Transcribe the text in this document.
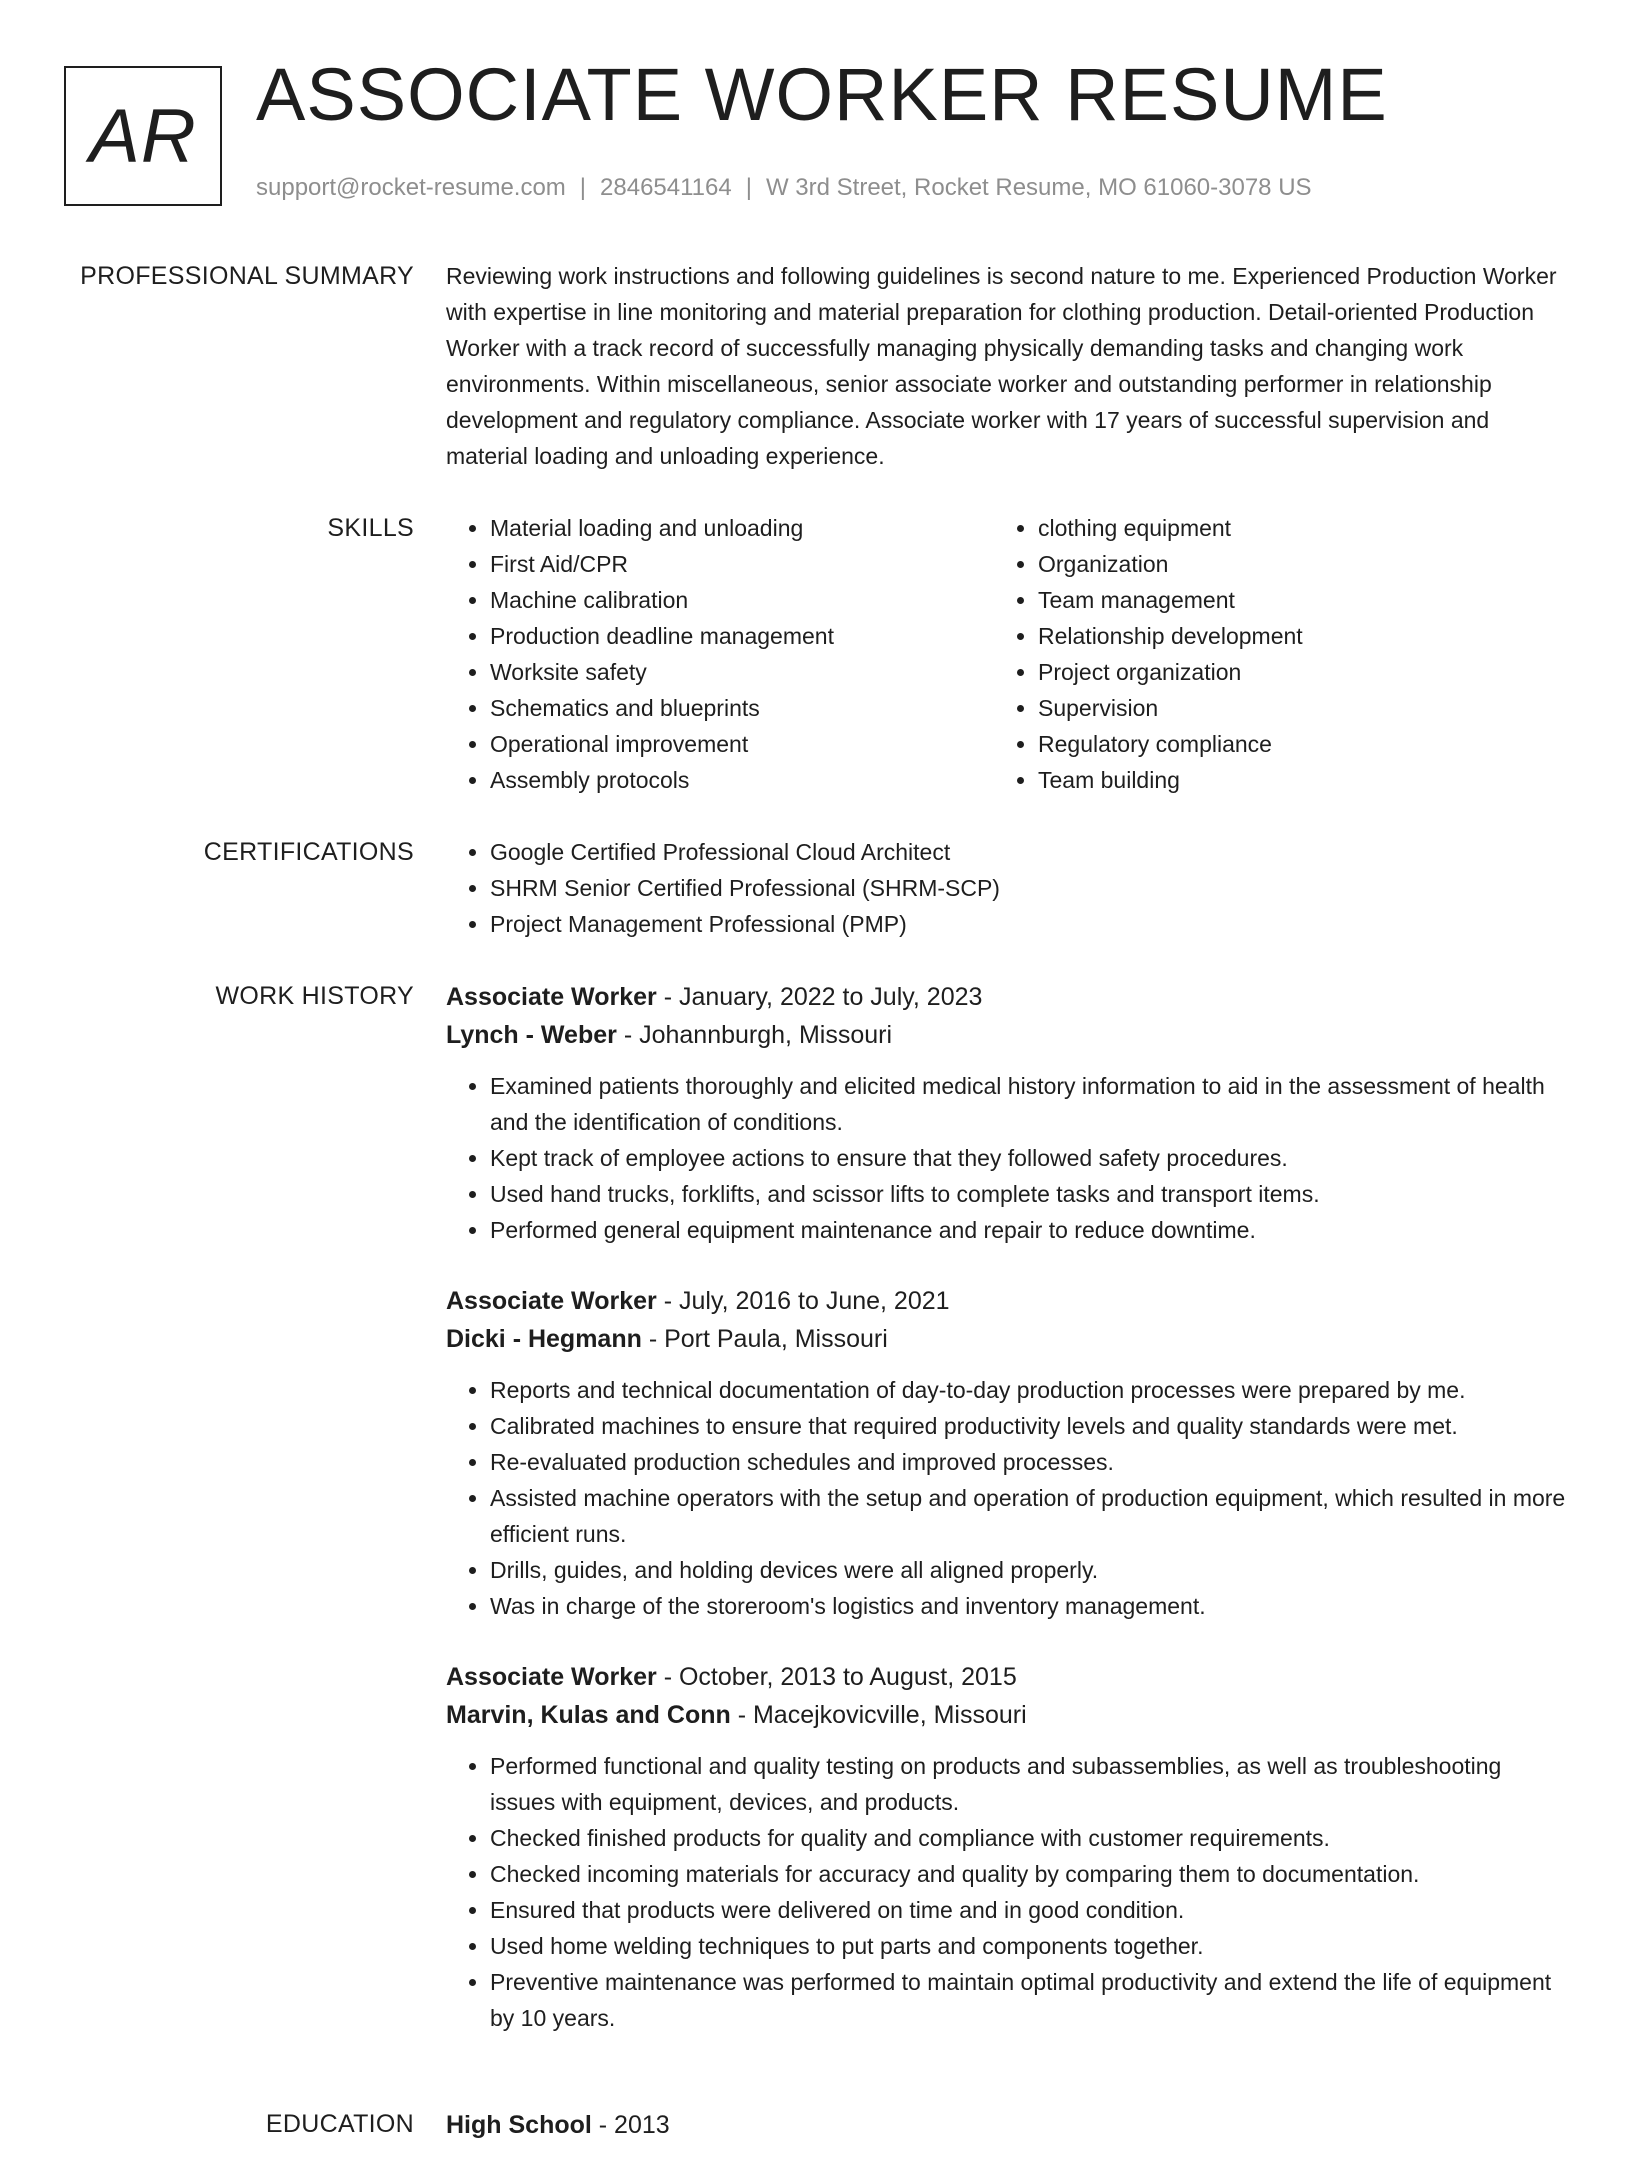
AR ASSOCIATE WORKER RESUME
support@rocket-resume.com | 2846541164 | W 3rd Street, Rocket Resume, MO 61060-3078 US
PROFESSIONAL SUMMARY Reviewing work instructions and following guidelines is second nature to me. Experienced Production Worker with expertise in line monitoring and material preparation for clothing production. Detail-oriented Production Worker with a track record of successfully managing physically demanding tasks and changing work environments. Within miscellaneous, senior associate worker and outstanding performer in relationship development and regulatory compliance. Associate worker with 17 years of successful supervision and material loading and unloading experience.
SKILLS	• Material loading and unloading
• First Aid/CPR
• Machine calibration
• Production deadline management
• Worksite safety
• Schematics and blueprints
• Operational improvement
• Assembly protocols
• clothing equipment
• Organization
• Team management
• Relationship development
• Project organization
• Supervision
• Regulatory compliance
• Team building
CERTIFICATIONS	• Google Certified Professional Cloud Architect
• SHRM Senior Certified Professional (SHRM-SCP)
• Project Management Professional (PMP)
WORK HISTORY Associate Worker - January, 2022 to July, 2023
Lynch - Weber - Johannburgh, Missouri
• Examined patients thoroughly and elicited medical history information to aid in the assessment of health and the identification of conditions.
• Kept track of employee actions to ensure that they followed safety procedures.
• Used hand trucks, forklifts, and scissor lifts to complete tasks and transport items.
• Performed general equipment maintenance and repair to reduce downtime.
Associate Worker - July, 2016 to June, 2021
Dicki - Hegmann - Port Paula, Missouri
• Reports and technical documentation of day-to-day production processes were prepared by me.
• Calibrated machines to ensure that required productivity levels and quality standards were met.
• Re-evaluated production schedules and improved processes.
• Assisted machine operators with the setup and operation of production equipment, which resulted in more efficient runs.
• Drills, guides, and holding devices were all aligned properly.
• Was in charge of the storeroom's logistics and inventory management.
Associate Worker - October, 2013 to August, 2015
Marvin, Kulas and Conn - Macejkovicville, Missouri
• Performed functional and quality testing on products and subassemblies, as well as troubleshooting issues with equipment, devices, and products.
• Checked finished products for quality and compliance with customer requirements.
• Checked incoming materials for accuracy and quality by comparing them to documentation.
• Ensured that products were delivered on time and in good condition.
• Used home welding techniques to put parts and components together.
• Preventive maintenance was performed to maintain optimal productivity and extend the life of equipment by 10 years.
EDUCATION High School - 2013
